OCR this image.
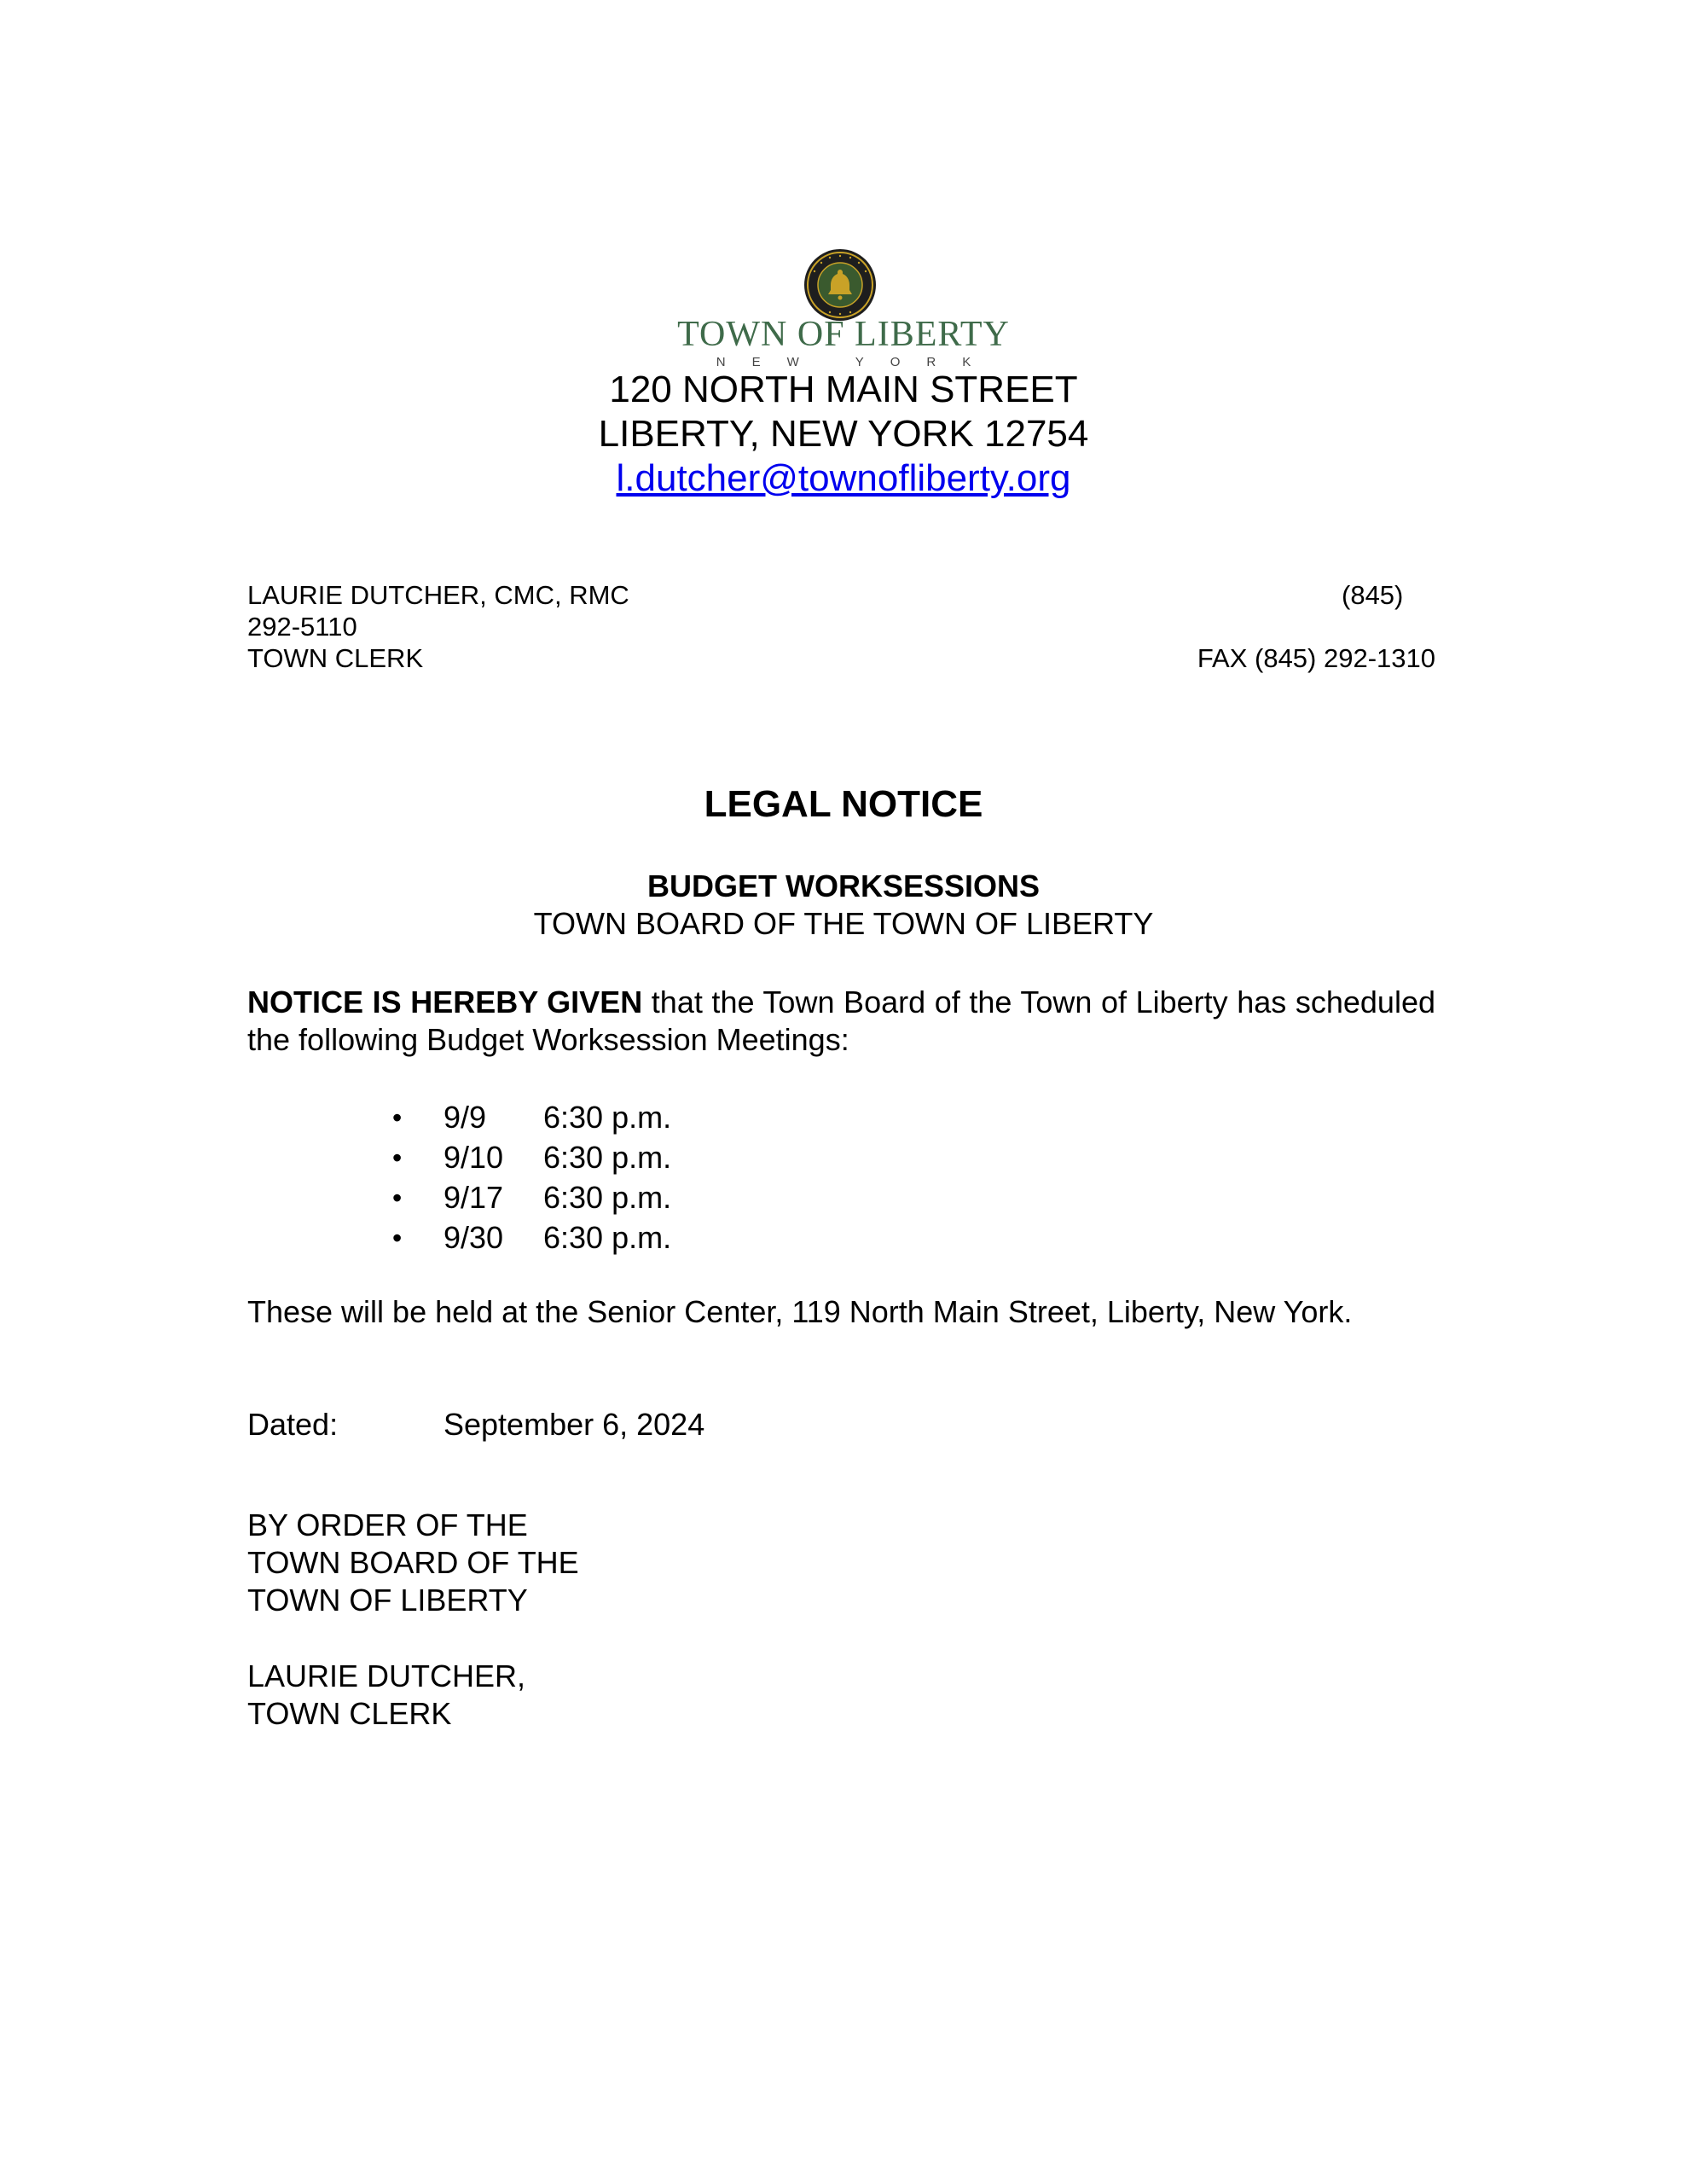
TOWN OF LIBERTY
NEW YORK
120 NORTH MAIN STREET
LIBERTY, NEW YORK 12754
l.dutcher@townofliberty.org
LAURIE DUTCHER, CMC, RMC	(845)
292-5110
TOWN CLERK	FAX (845) 292-1310
LEGAL NOTICE
BUDGET WORKSESSIONS
TOWN BOARD OF THE TOWN OF LIBERTY
NOTICE IS HEREBY GIVEN that the Town Board of the Town of Liberty has scheduled the following Budget Worksession Meetings:
•	9/9 6:30 p.m.
•	9/10 6:30 p.m.
•	9/17 6:30 p.m.
•	9/30 6:30 p.m.
These will be held at the Senior Center, 119 North Main Street, Liberty, New York.
Dated:	September 6, 2024
BY ORDER OF THE
TOWN BOARD OF THE
TOWN OF LIBERTY
LAURIE DUTCHER,
TOWN CLERK
